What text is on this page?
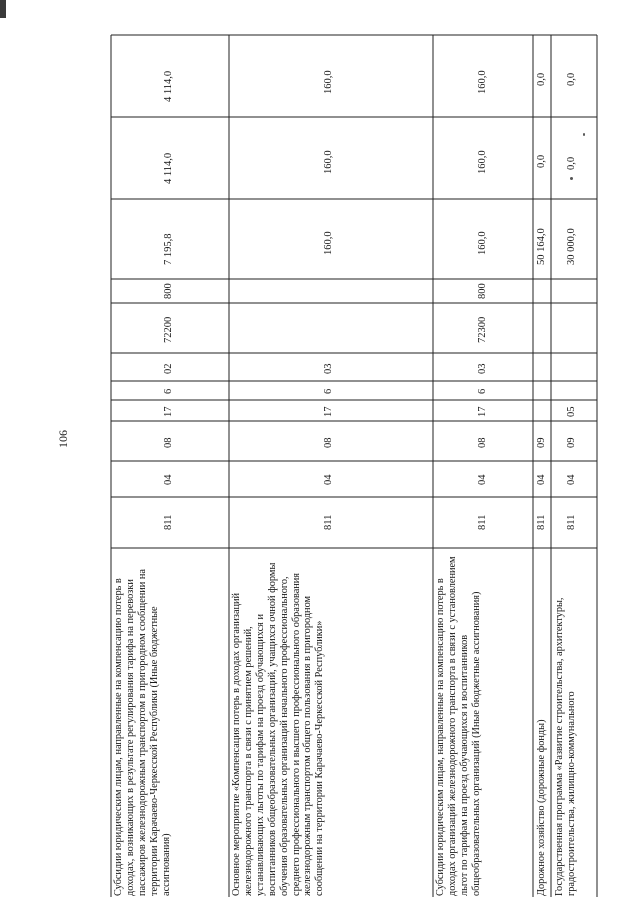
106
Субсидии юридическим лицам, направленные на компенсацию потерь в доходах, возникающих в результате регулирования тарифа на перевозки пассажиров железнодорожным транспортом в пригородном сообщении на территории Карачаево-Черкесской Республики (Иные бюджетные ассигнования)
811
04
08
17
6
02
72200
800
7 195,8
4 114,0
4 114,0
Основное мероприятие «Компенсация потерь в доходах организаций железнодорожного транспорта в связи с принятием решений, устанавливающих льготы по тарифам на проезд обучающихся и воспитанников общеобразовательных организаций, учащихся очной формы обучения образовательных организаций начального профессионального, среднего профессионального и высшего профессионального образования железнодорожным транспортом общего пользования в пригородном сообщении на территории Карачаево-Черкесской Республики»
811
04
08
17
6
03
160,0
160,0
160,0
Субсидии юридическим лицам, направленные на компенсацию потерь в доходах организаций железнодорожного транспорта в связи с установлением льгот по тарифам на проезд обучающихся и воспитанников общеобразовательных организаций (Иные бюджетные ассигнования)
811
04
08
17
6
03
72300
800
160,0
160,0
160,0
Дорожное хозяйство (дорожные фонды)
811
04
09
50 164,0
0,0
0,0
Государственная программа «Развитие строительства, архитектуры, градостроительства, жилищно-коммунального
811
04
09
05
30 000,0
0,0
0,0
